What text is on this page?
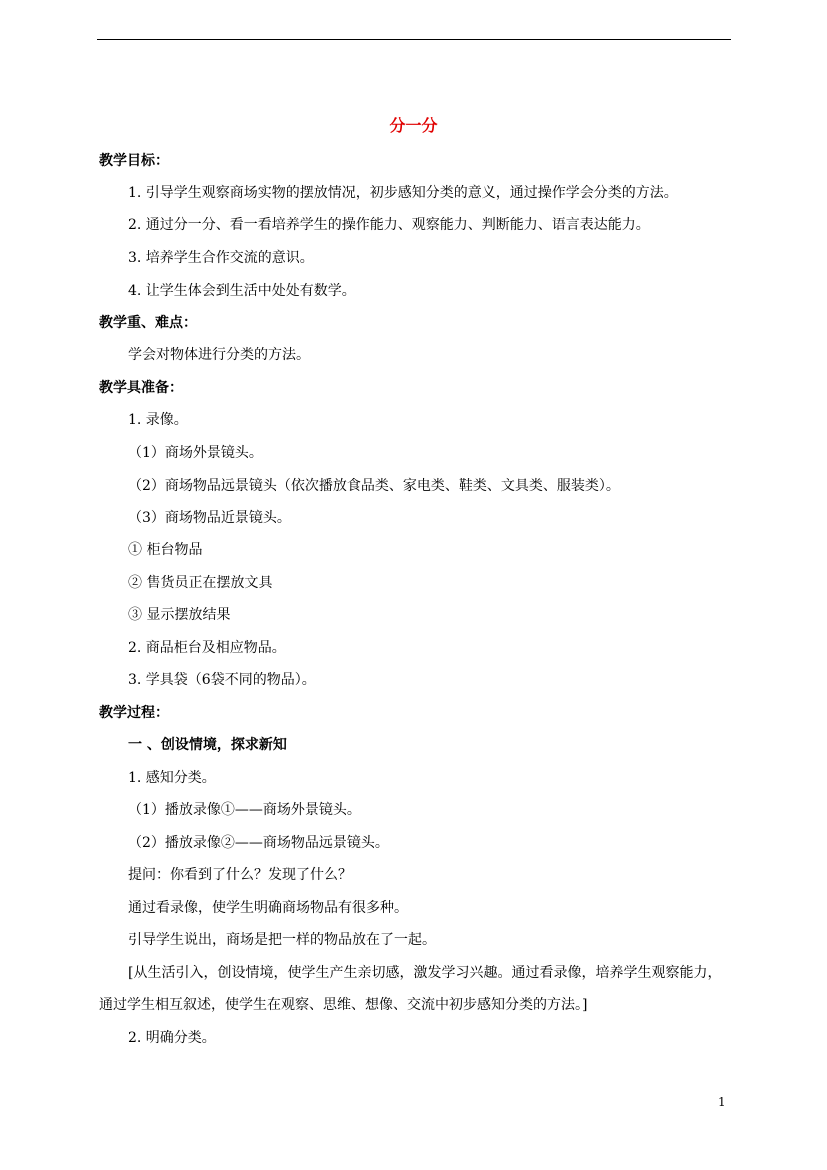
分一分
教学目标：
1. 引导学生观察商场实物的摆放情况，初步感知分类的意义，通过操作学会分类的方法。
2. 通过分一分、看一看培养学生的操作能力、观察能力、判断能力、语言表达能力。
3. 培养学生合作交流的意识。
4. 让学生体会到生活中处处有数学。
教学重、难点：
学会对物体进行分类的方法。
教学具准备：
1. 录像。
（1）商场外景镜头。
（2）商场物品远景镜头（依次播放食品类、家电类、鞋类、文具类、服装类）。
（3）商场物品近景镜头。
① 柜台物品
② 售货员正在摆放文具
③ 显示摆放结果
2. 商品柜台及相应物品。
3. 学具袋（6袋不同的物品）。
教学过程：
一 、创设情境，探求新知
1. 感知分类。
（1）播放录像①——商场外景镜头。
（2）播放录像②——商场物品远景镜头。
提问：你看到了什么？发现了什么？
通过看录像，使学生明确商场物品有很多种。
引导学生说出，商场是把一样的物品放在了一起。
[从生活引入，创设情境，使学生产生亲切感，激发学习兴趣。通过看录像，培养学生观察能力，
通过学生相互叙述，使学生在观察、思维、想像、交流中初步感知分类的方法。]
2. 明确分类。
1
